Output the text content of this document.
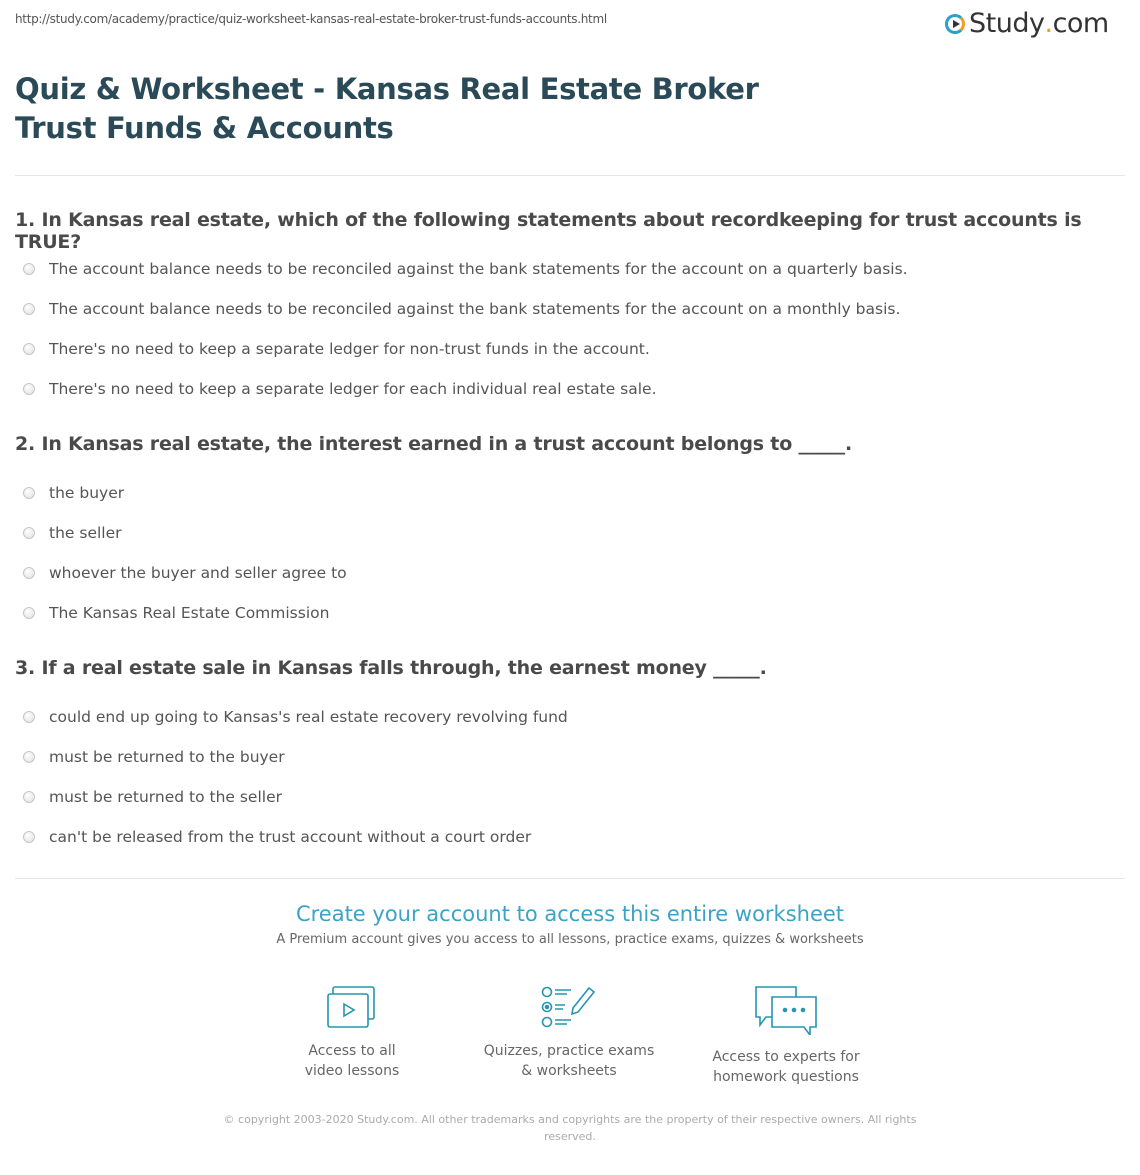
http://study.com/academy/practice/quiz-worksheet-kansas-real-estate-broker-trust-funds-accounts.html	Study . com
Quiz & Worksheet - Kansas Real Estate Broker Trust Funds & Accounts
1. In Kansas real estate, which of the following statements about recordkeeping for trust accounts is TRUE?
The account balance needs to be reconciled against the bank statements for the account on a quarterly basis.
The account balance needs to be reconciled against the bank statements for the account on a monthly basis.
There's no need to keep a separate ledger for non-trust funds in the account.
There's no need to keep a separate ledger for each individual real estate sale.
2. In Kansas real estate, the interest earned in a trust account belongs to _____.
the buyer
the seller
whoever the buyer and seller agree to
The Kansas Real Estate Commission
3. If a real estate sale in Kansas falls through, the earnest money _____.
could end up going to Kansas's real estate recovery revolving fund
must be returned to the buyer
must be returned to the seller
can't be released from the trust account without a court order
Create your account to access this entire worksheet
A Premium account gives you access to all lessons, practice exams, quizzes & worksheets
Access to all
video lessons
Quizzes, practice exams
& worksheets
Access to experts for
homework questions
© copyright 2003-2020 Study.com. All other trademarks and copyrights are the property of their respective owners. All rights reserved.
